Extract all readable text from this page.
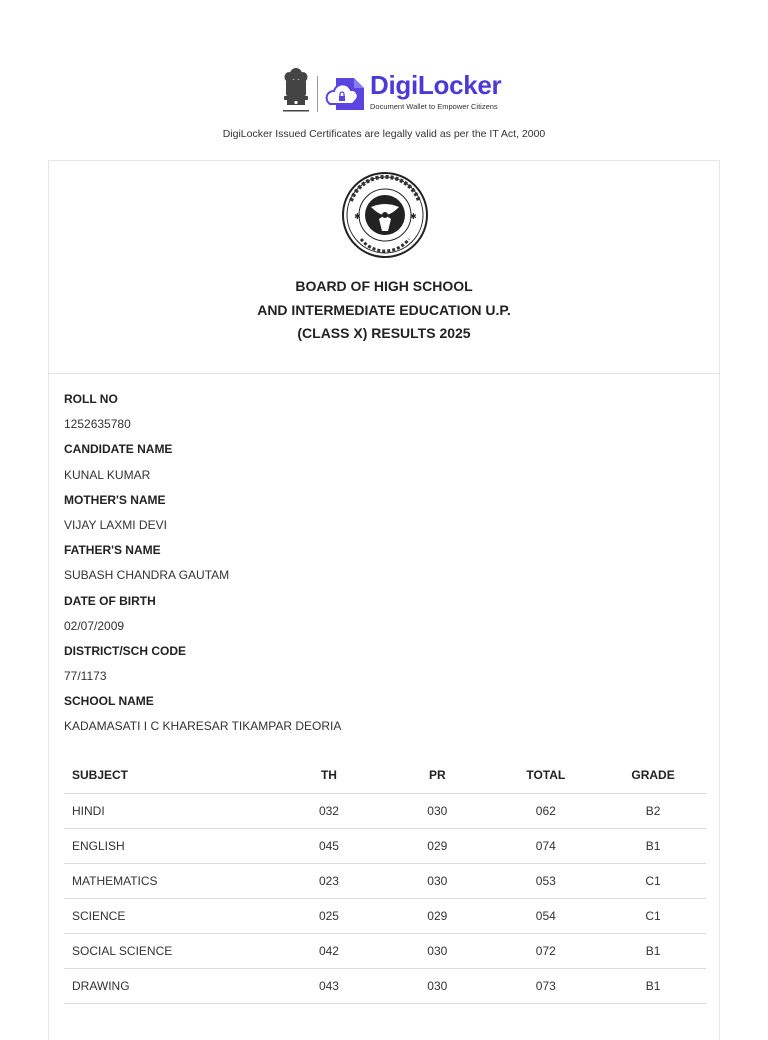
DigiLocker
Document Wallet to Empower Citizens
DigiLocker Issued Certificates are legally valid as per the IT Act, 2000
✱	✱
BOARD OF HIGH SCHOOL
AND INTERMEDIATE EDUCATION U.P.
(CLASS X) RESULTS 2025
ROLL NO
1252635780
CANDIDATE NAME
KUNAL KUMAR
MOTHER'S NAME
VIJAY LAXMI DEVI
FATHER'S NAME
SUBASH CHANDRA GAUTAM
DATE OF BIRTH
02/07/2009
DISTRICT/SCH CODE
77/1173
SCHOOL NAME
KADAMASATI I C KHARESAR TIKAMPAR DEORIA
SUBJECT	TH	PR	TOTAL	GRADE
HINDI	032	030	062	B2
ENGLISH	045	029	074	B1
MATHEMATICS	023	030	053	C1
SCIENCE	025	029	054	C1
SOCIAL SCIENCE	042	030	072	B1
DRAWING	043	030	073	B1
